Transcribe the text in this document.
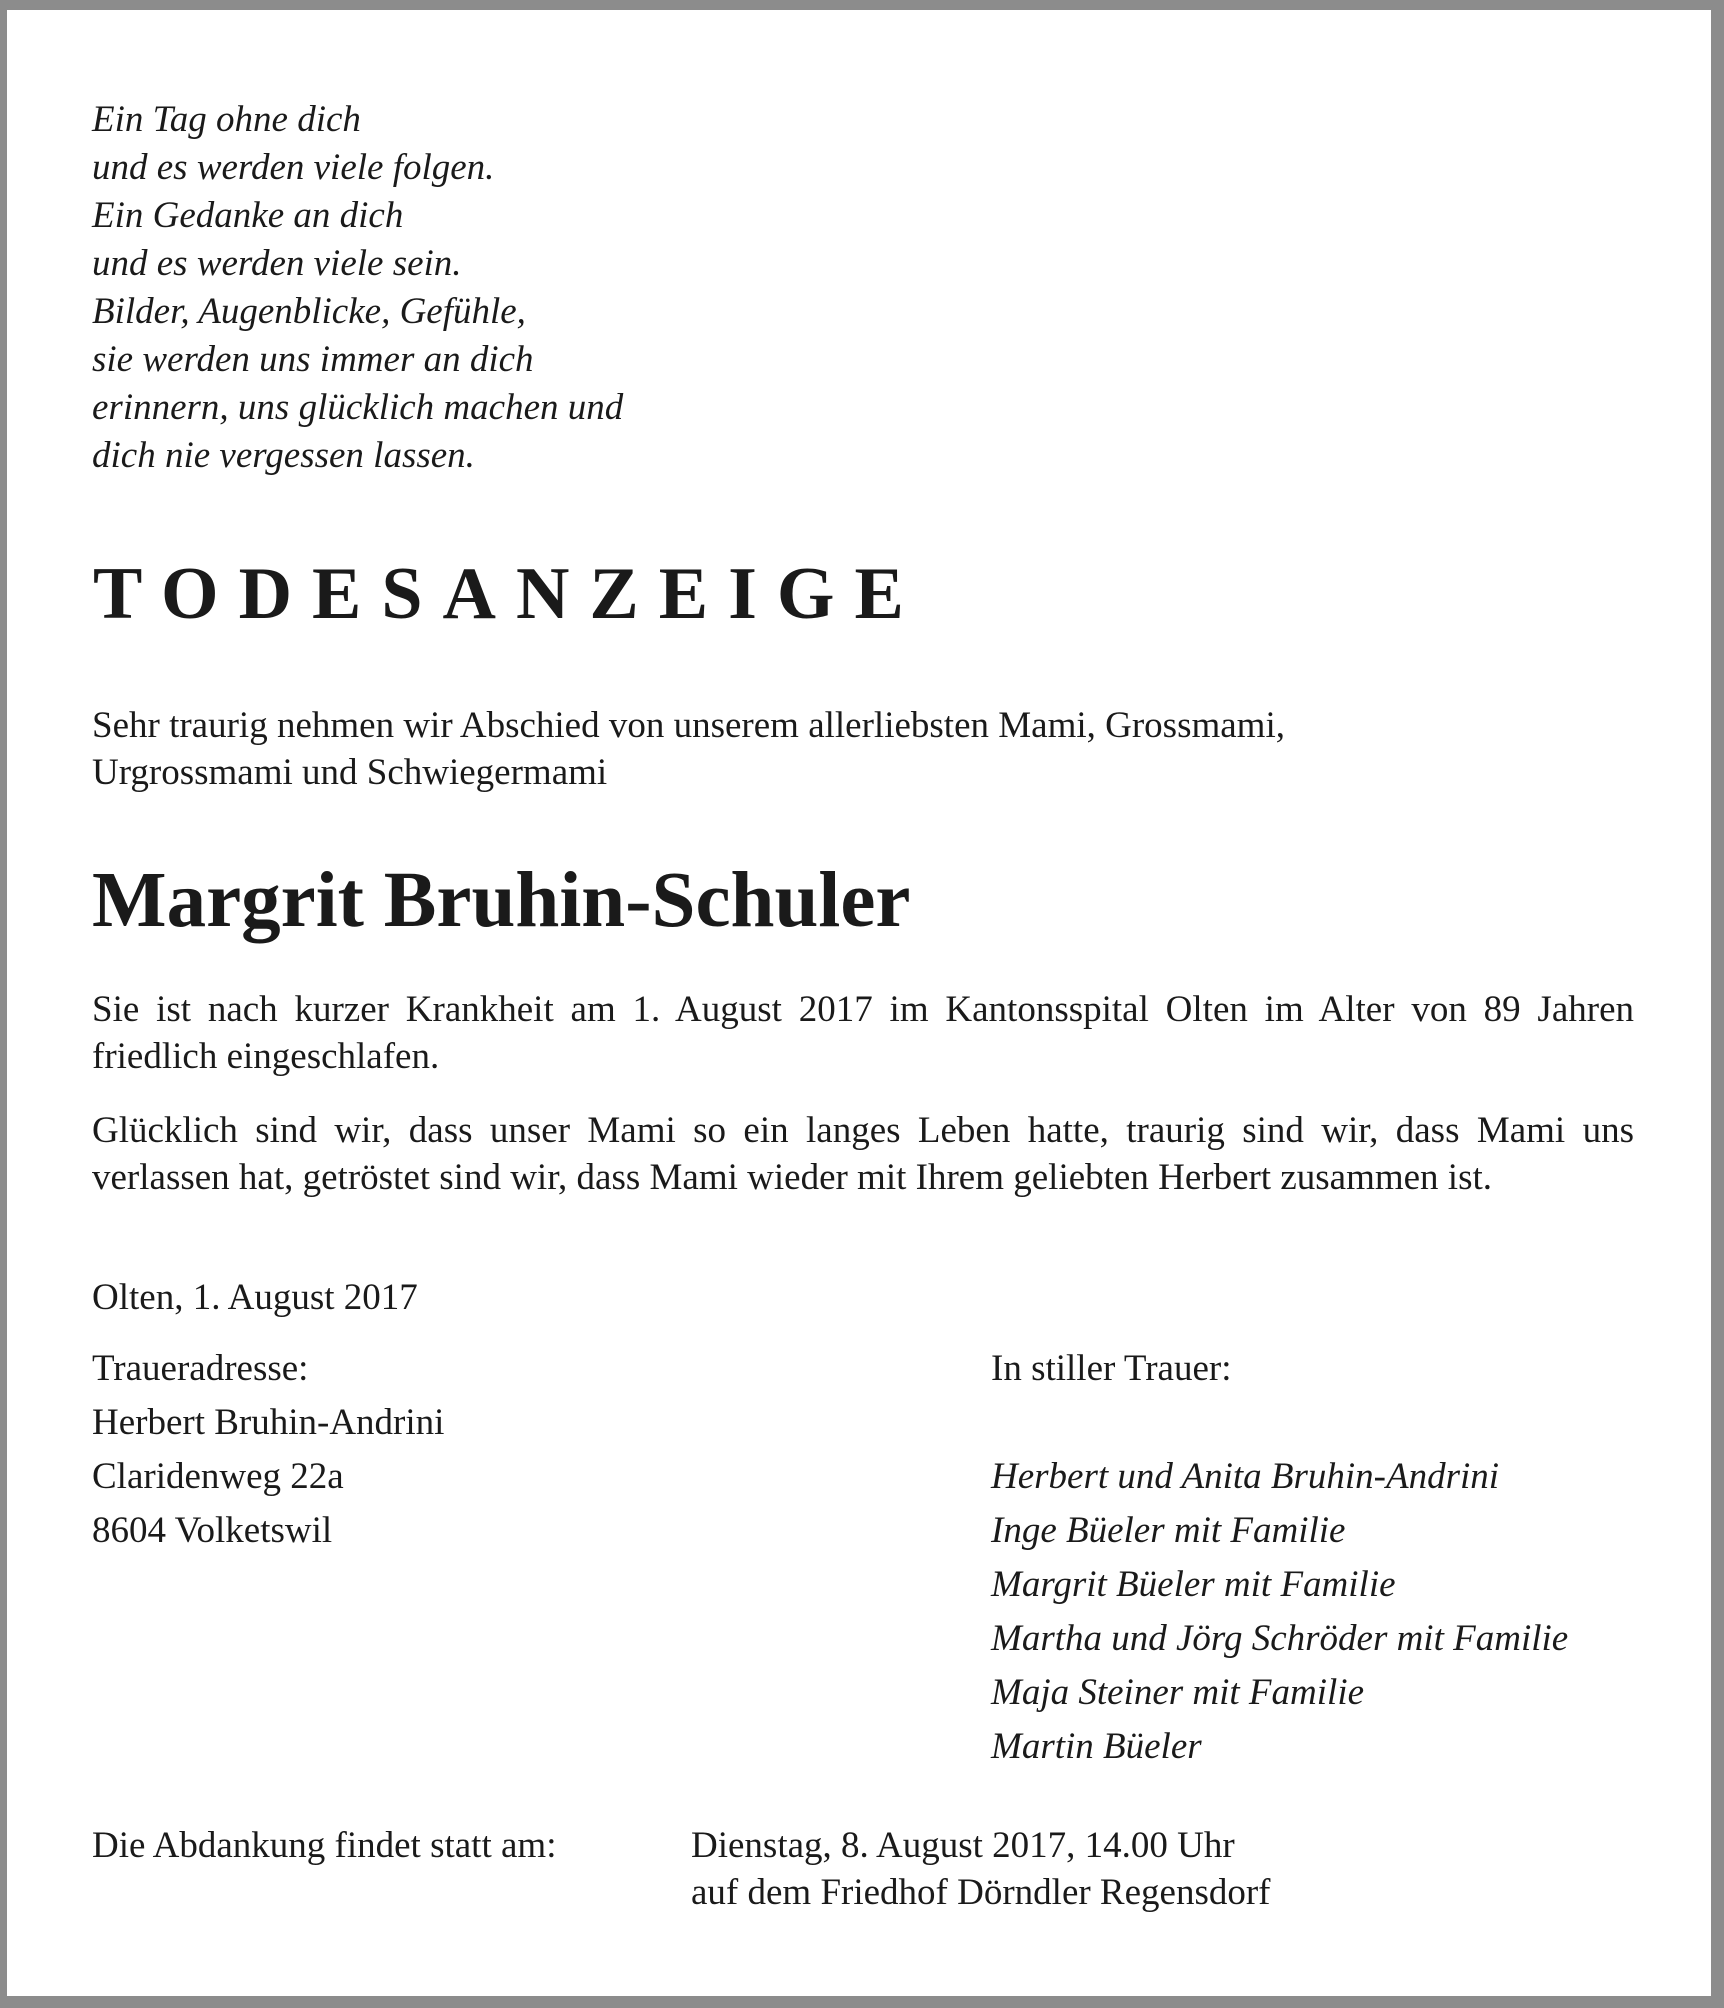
Ein Tag ohne dich
und es werden viele folgen.
Ein Gedanke an dich
und es werden viele sein.
Bilder, Augenblicke, Gefühle,
sie werden uns immer an dich
erinnern, uns glücklich machen und
dich nie vergessen lassen.
TODESANZEIGE
Sehr traurig nehmen wir Abschied von unserem allerliebsten Mami, Grossmami,
Urgrossmami und Schwiegermami
Margrit Bruhin-Schuler
Sie ist nach kurzer Krankheit am 1. August 2017 im Kantonsspital Olten im Alter von 89 Jahren friedlich eingeschlafen.
Glücklich sind wir, dass unser Mami so ein langes Leben hatte, traurig sind wir, dass Mami uns verlassen hat, getröstet sind wir, dass Mami wieder mit Ihrem geliebten Herbert zusammen ist.
Olten, 1. August 2017
Traueradresse:
Herbert Bruhin-Andrini
Claridenweg 22a
8604 Volketswil
In stiller Trauer:
Herbert und Anita Bruhin-Andrini
Inge Büeler mit Familie
Margrit Büeler mit Familie
Martha und Jörg Schröder mit Familie
Maja Steiner mit Familie
Martin Büeler
Die Abdankung findet statt am:	Dienstag, 8. August 2017, 14.00 Uhr
auf dem Friedhof Dörndler Regensdorf
